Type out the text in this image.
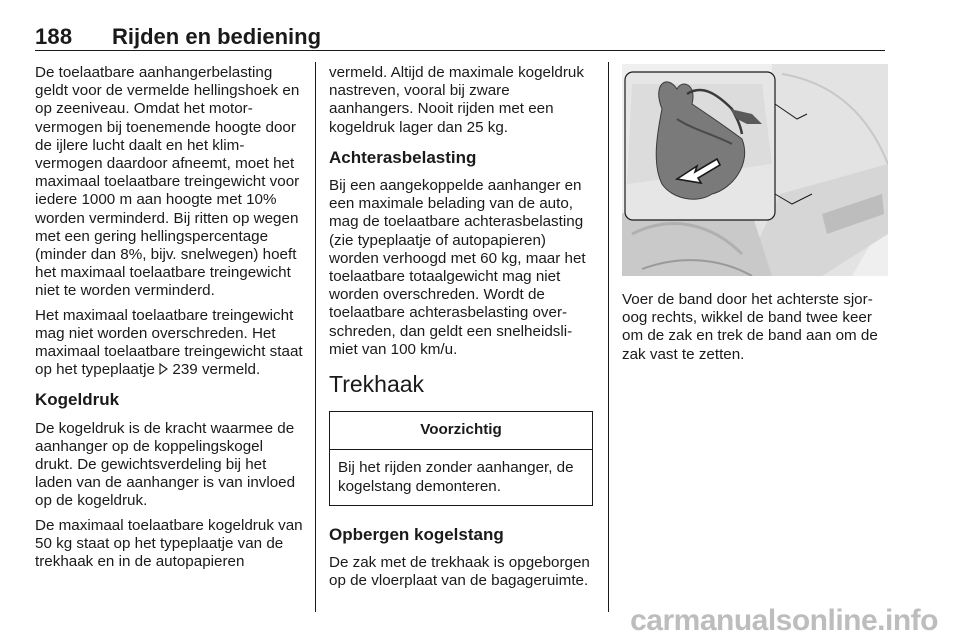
188 Rijden en bediening

De toelaatbare aanhangerbelasting geldt voor de vermelde hellingshoek en op zeeniveau. Omdat het motorvermogen bij toenemende hoogte door de ijlere lucht daalt en het klimvermogen daardoor afneemt, moet het maximaal toelaatbare treingewicht voor iedere 1000 m aan hoogte met 10% worden verminderd. Bij ritten op wegen met een gering hellingspercentage (minder dan 8%, bijv. snelwegen) hoeft het maximaal toelaatbare treingewicht niet te worden verminderd.

Het maximaal toelaatbare treingewicht mag niet worden overschreden. Het maximaal toelaatbare treingewicht staat op het typeplaatje  239 vermeld.

Kogeldruk

De kogeldruk is de kracht waarmee de aanhanger op de koppelingskogel drukt. De gewichtsverdeling bij het laden van de aanhanger is van invloed op de kogeldruk.

De maximaal toelaatbare kogeldruk van 50 kg staat op het typeplaatje van de trekhaak en in de autopapieren

vermeld. Altijd de maximale kogeldruk nastreven, vooral bij zware aanhangers. Nooit rijden met een kogeldruk lager dan 25 kg.

Achterasbelasting

Bij een aangekoppelde aanhanger en een maximale belading van de auto, mag de toelaatbare achterasbelasting (zie typeplaatje of autopapieren) worden verhoogd met 60 kg, maar het toelaatbare totaalgewicht mag niet worden overschreden. Wordt de toelaatbare achterasbelasting overschreden, dan geldt een snelheidslimiet van 100 km/u.

Trekhaak
Voorzichtig
Bij het rijden zonder aanhanger, de kogelstang demonteren.
Opbergen kogelstang

De zak met de trekhaak is opgeborgen op de vloerplaat van de bagageruimte.

Voer de band door het achterste sjoroog rechts, wikkel de band twee keer om de zak en trek de band aan om de zak vast te zetten.

carmanualsonline.info
